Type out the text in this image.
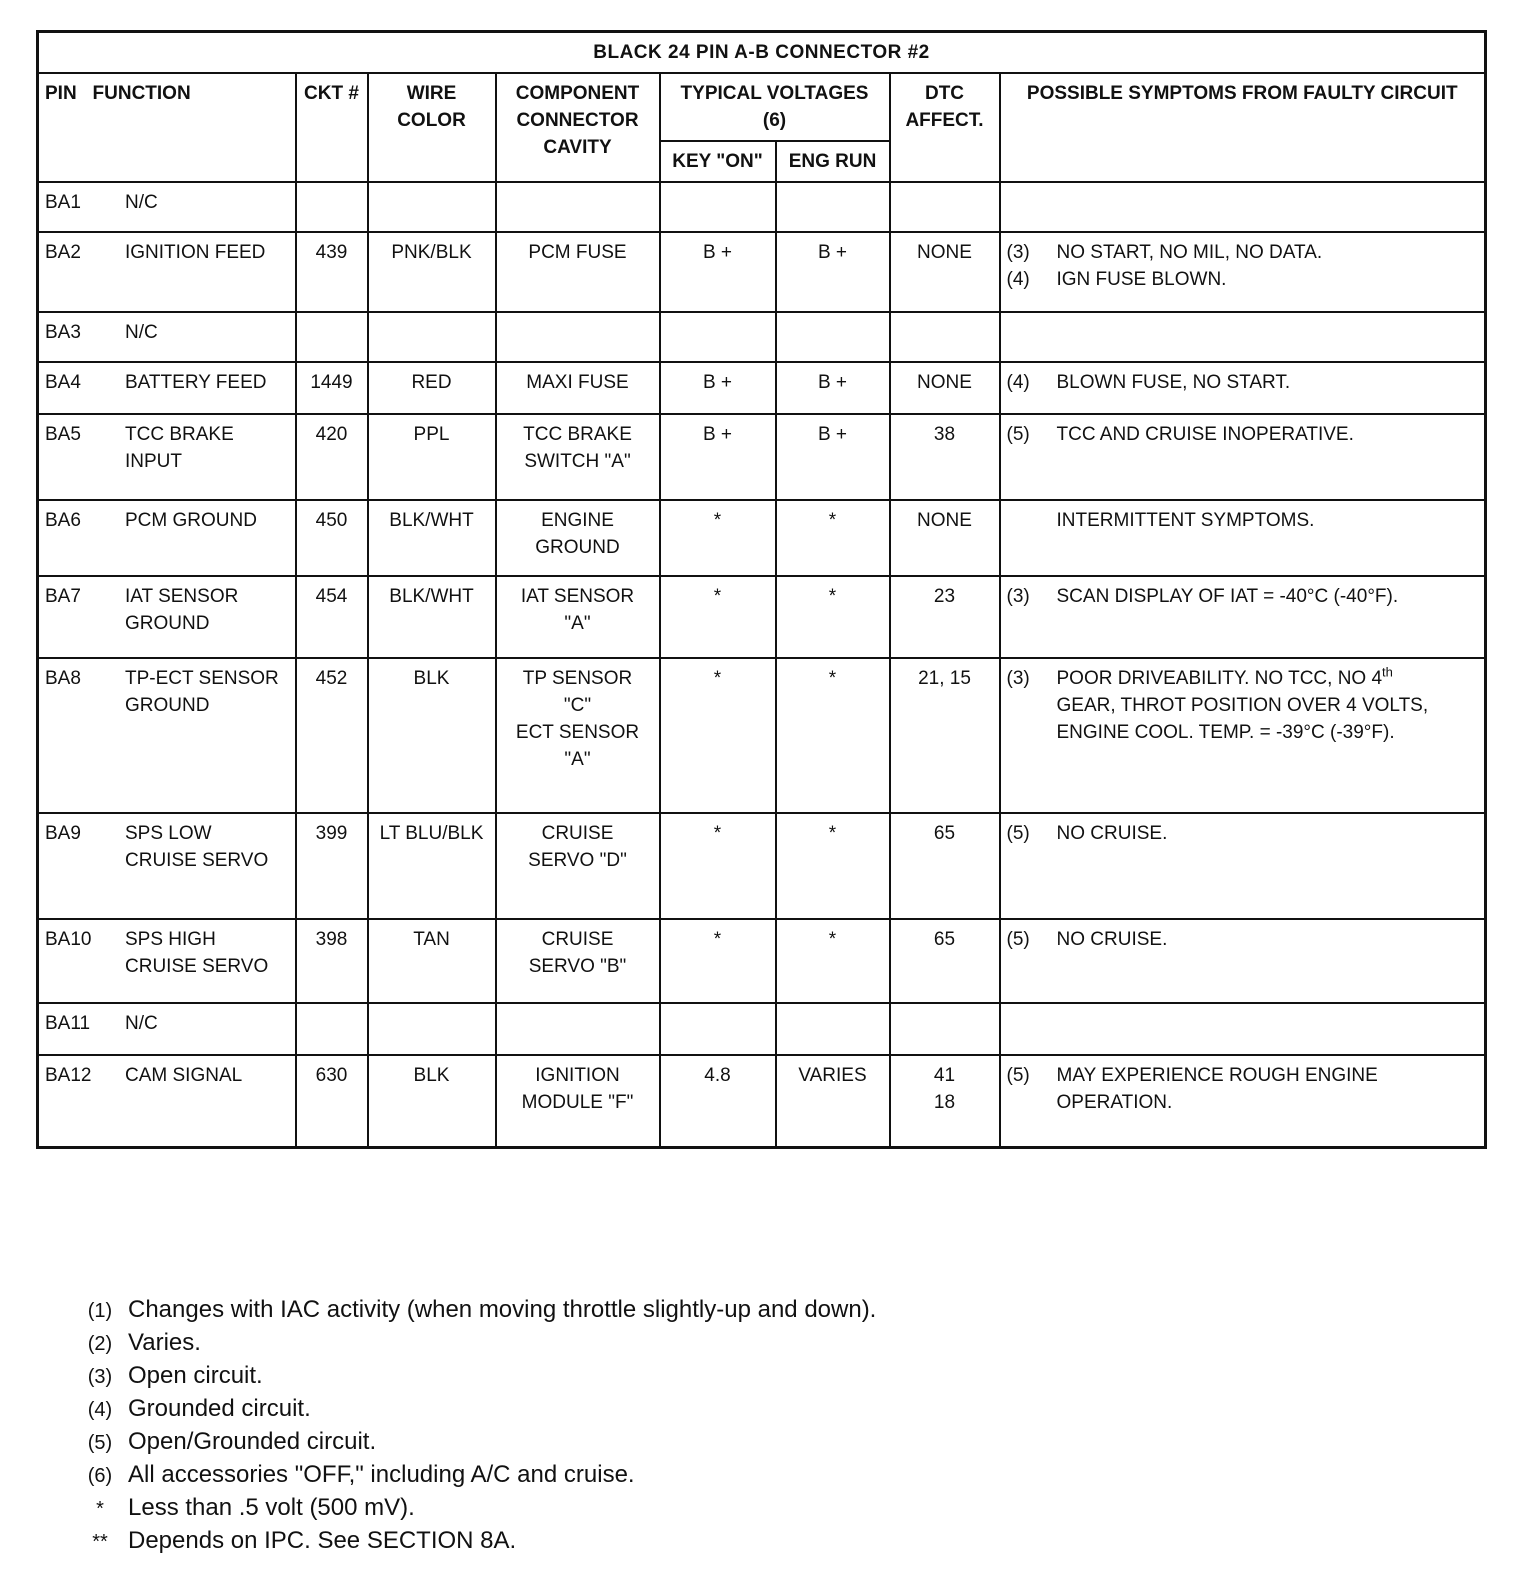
BLACK 24 PIN A-B CONNECTOR #2							
PIN FUNCTION	CKT #	WIRE COLOR	COMPONENT CONNECTOR CAVITY	TYPICAL VOLTAGES (6)		DTC AFFECT.	POSSIBLE SYMPTOMS FROM FAULTY CIRCUIT
				KEY "ON"	ENG RUN		
BA1 N/C							
BA2 IGNITION FEED	439	PNK/BLK	PCM FUSE	B +	B +	NONE	(3) NO START, NO MIL, NO DATA.
(4) IGN FUSE BLOWN.

BA3 N/C							
BA4 BATTERY FEED	1449	RED	MAXI FUSE	B +	B +	NONE	(4) BLOWN FUSE, NO START.

BA5 TCC BRAKE INPUT	420	PPL	TCC BRAKE
SWITCH "A"	B +	B +	38	(5) TCC AND CRUISE INOPERATIVE.

BA6 PCM GROUND	450	BLK/WHT	ENGINE
GROUND	*	*	NONE	INTERMITTENT SYMPTOMS.

BA7 IAT SENSOR GROUND	454	BLK/WHT	IAT SENSOR
"A"	*	*	23	(3) SCAN DISPLAY OF IAT = -40°C (-40°F).

BA8 TP-ECT SENSOR GROUND	452	BLK	TP SENSOR
"C"
ECT SENSOR
"A"	*	*	21, 15	(3) POOR DRIVEABILITY. NO TCC, NO 4th GEAR, THROT POSITION OVER 4 VOLTS, ENGINE COOL. TEMP. = -39°C (-39°F).

BA9 SPS LOW CRUISE SERVO	399	LT BLU/BLK	CRUISE
SERVO "D"	*	*	65	(5) NO CRUISE.

BA10 SPS HIGH CRUISE SERVO	398	TAN	CRUISE
SERVO "B"	*	*	65	(5) NO CRUISE.

BA11 N/C							
BA12 CAM SIGNAL	630	BLK	IGNITION
MODULE "F"	4.8	VARIES	41
18	(5) MAY EXPERIENCE ROUGH ENGINE OPERATION.
(1) Changes with IAC activity (when moving throttle slightly-up and down).
(2) Varies.
(3) Open circuit.
(4) Grounded circuit.
(5) Open/Grounded circuit.
(6) All accessories "OFF," including A/C and cruise.
* Less than .5 volt (500 mV).
** Depends on IPC. See SECTION 8A.
